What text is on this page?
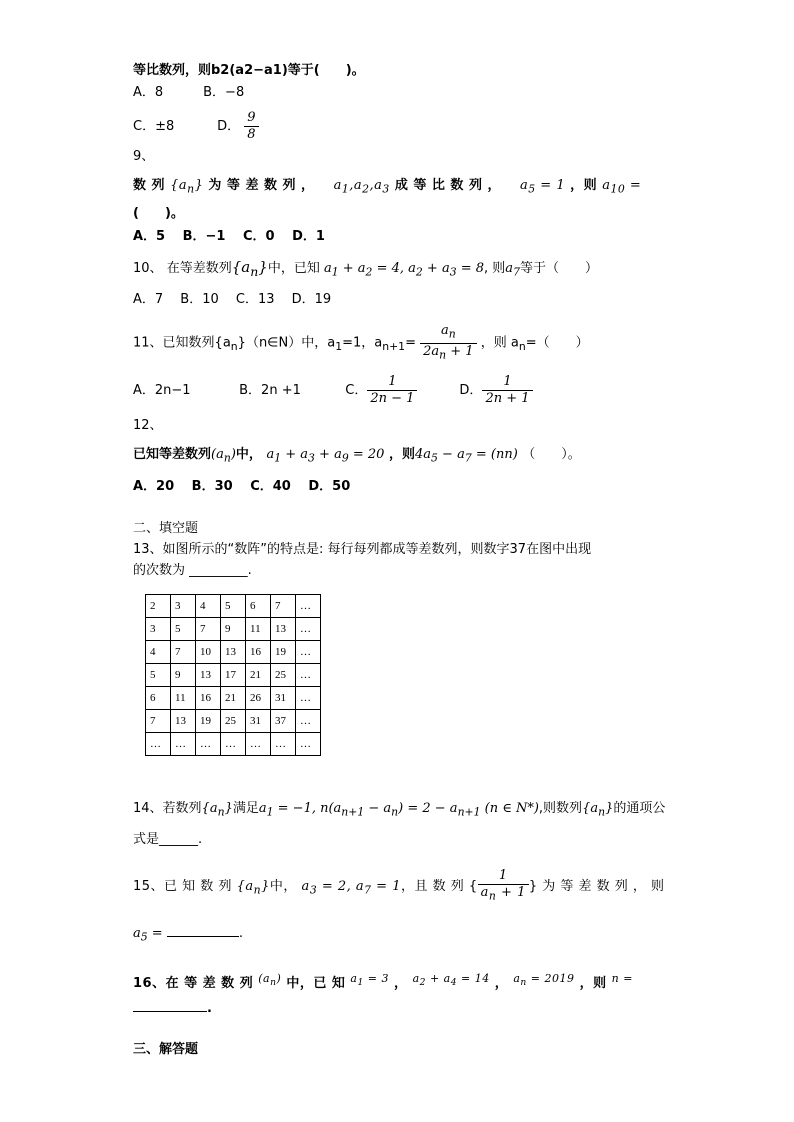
等比数列，则b2(a2−a1)等于(　　)。
A．8	B．−8
C．±8	D． $\frac{9}{8}$
9、
数 列 $\{a_n\}$ 为 等 差 数 列 ， $a_1,a_2,a_3$ 成 等 比 数 列 ， $a_5 = 1$ ，则 $a_{10}$ =
(　　)。
A．5　 B．−1　 C．0　 D．1
10、 在等差数列$\{a_n\}$中，已知 $a_1 + a_2 = 4$, $a_2 + a_3 = 8$, 则$a_7$等于（　　）
A．7　 B．10　 C．13　 D．19
11、已知数列$\{a_n\}(n\in N)$中，$a_1=1$，$a_{n+1}= \frac{a_n}{2a_n + 1}$ ，则 $a_n=$（　　）
A．2n−1	B．2n +1	C． $\frac{1}{2n - 1}$	D． $\frac{1}{2n + 1}$
12、
已知等差数列$(a_n)$中， $a_1 + a_3 + a_9 = 20$ ，则$4a_5 - a_7 = (nn)$ （　　）。
A．20　 B．30　 C．40　 D．50
二、填空题
13、如图所示的“数阵”的特点是: 每行每列都成等差数列，则数字37在图中出现
的次数为 _________.
2	3	4	5	6	7	…
3	5	7	9	11	13	…
4	7	10	13	16	19	…
5	9	13	17	21	25	…
6	11	16	21	26	31	…
7	13	19	25	31	37	…
…	…	…	…	…	…	…
14、若数列$\{a_n\}$满足$a_1 = -1$, $n(a_{n+1} - a_n) = 2 - a_{n+1}$ (n ∈ N*),则数列$\{a_n\}$的通项公
式是______.
15、已 知 数 列 $\{a_n\}$中， $a_3 = 2$, $a_7 = 1$，且 数 列 { $\frac{1}{a_n + 1}$ } 为 等 差 数 列 ， 则
$a_5$ =	.
16、在 等 差 数 列 $^{(a_n)}$ 中，已 知 $^{a_1 = 3}$ ， $^{a_2 + a_4 = 14}$ ， $^{a_n = 2019}$ ，则 $^{n =}$
.
三、解答题
